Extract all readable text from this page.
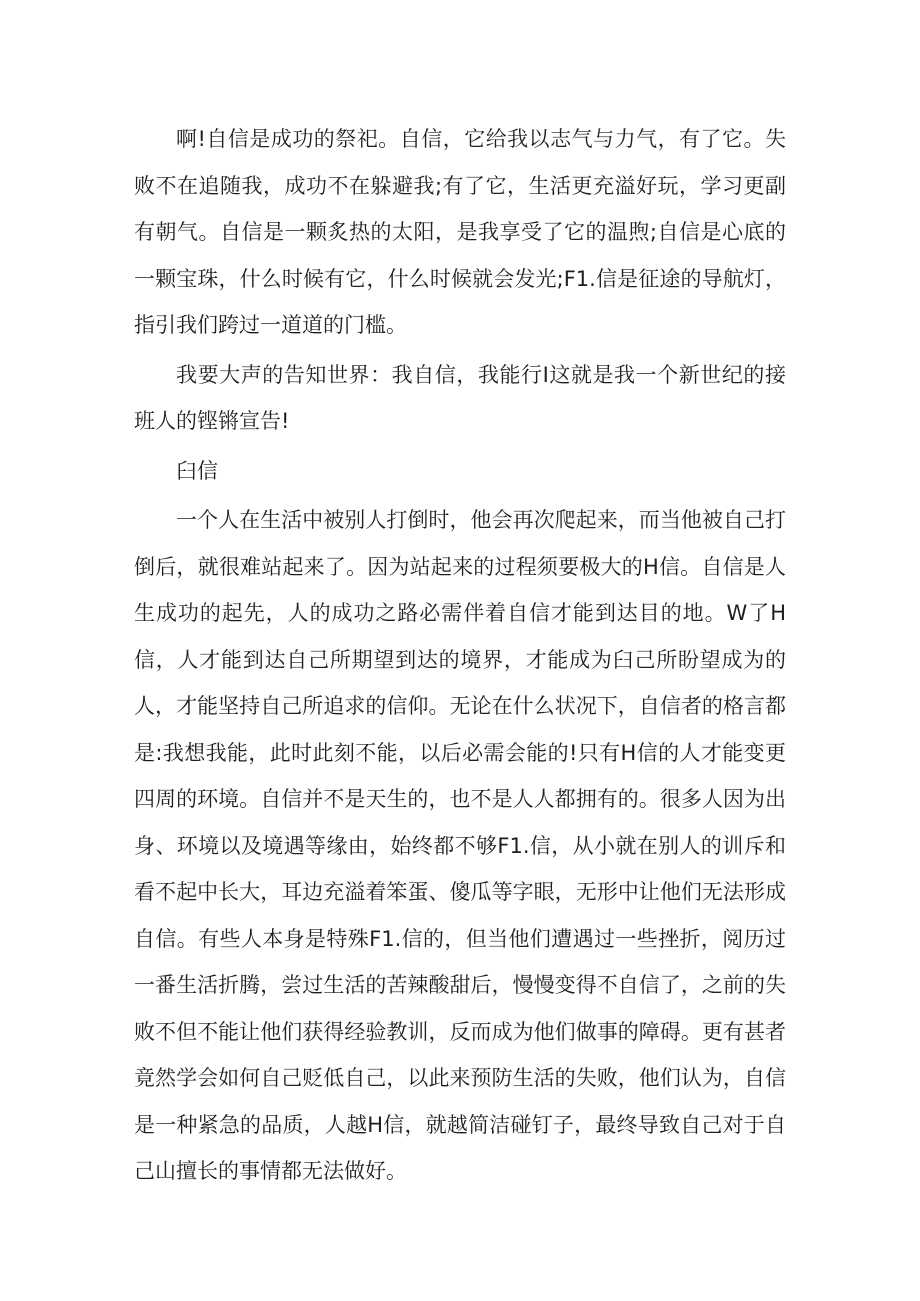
啊!自信是成功的祭祀。自信，它给我以志气与力气，有了它。失败不在追随我，成功不在躲避我;有了它，生活更充溢好玩，学习更副有朝气。自信是一颗炙热的太阳，是我享受了它的温煦;自信是心底的一颗宝珠，什么时候有它，什么时候就会发光;F1.信是征途的导航灯，指引我们跨过一道道的门槛。

我要大声的告知世界：我自信，我能行I这就是我一个新世纪的接班人的铿锵宣告!

臼信

一个人在生活中被别人打倒时，他会再次爬起来，而当他被自己打倒后，就很难站起来了。因为站起来的过程须要极大的H信。自信是人生成功的起先，人的成功之路必需伴着自信才能到达目的地。W了H信，人才能到达自己所期望到达的境界，才能成为臼己所盼望成为的人，才能坚持自己所追求的信仰。无论在什么状况下，自信者的格言都是:我想我能，此时此刻不能，以后必需会能的!只有H信的人才能变更四周的环境。自信并不是天生的，也不是人人都拥有的。很多人因为出身、环境以及境遇等缘由，始终都不够F1.信，从小就在别人的训斥和看不起中长大，耳边充溢着笨蛋、傻瓜等字眼，无形中让他们无法形成自信。有些人本身是特殊F1.信的，但当他们遭遇过一些挫折，阅历过一番生活折腾，尝过生活的苦辣酸甜后，慢慢变得不自信了，之前的失败不但不能让他们获得经验教训，反而成为他们做事的障碍。更有甚者竟然学会如何自己贬低自己，以此来预防生活的失败，他们认为，自信是一种紧急的品质，人越H信，就越简洁碰钉子，最终导致自己对于自己山擅长的事情都无法做好。
